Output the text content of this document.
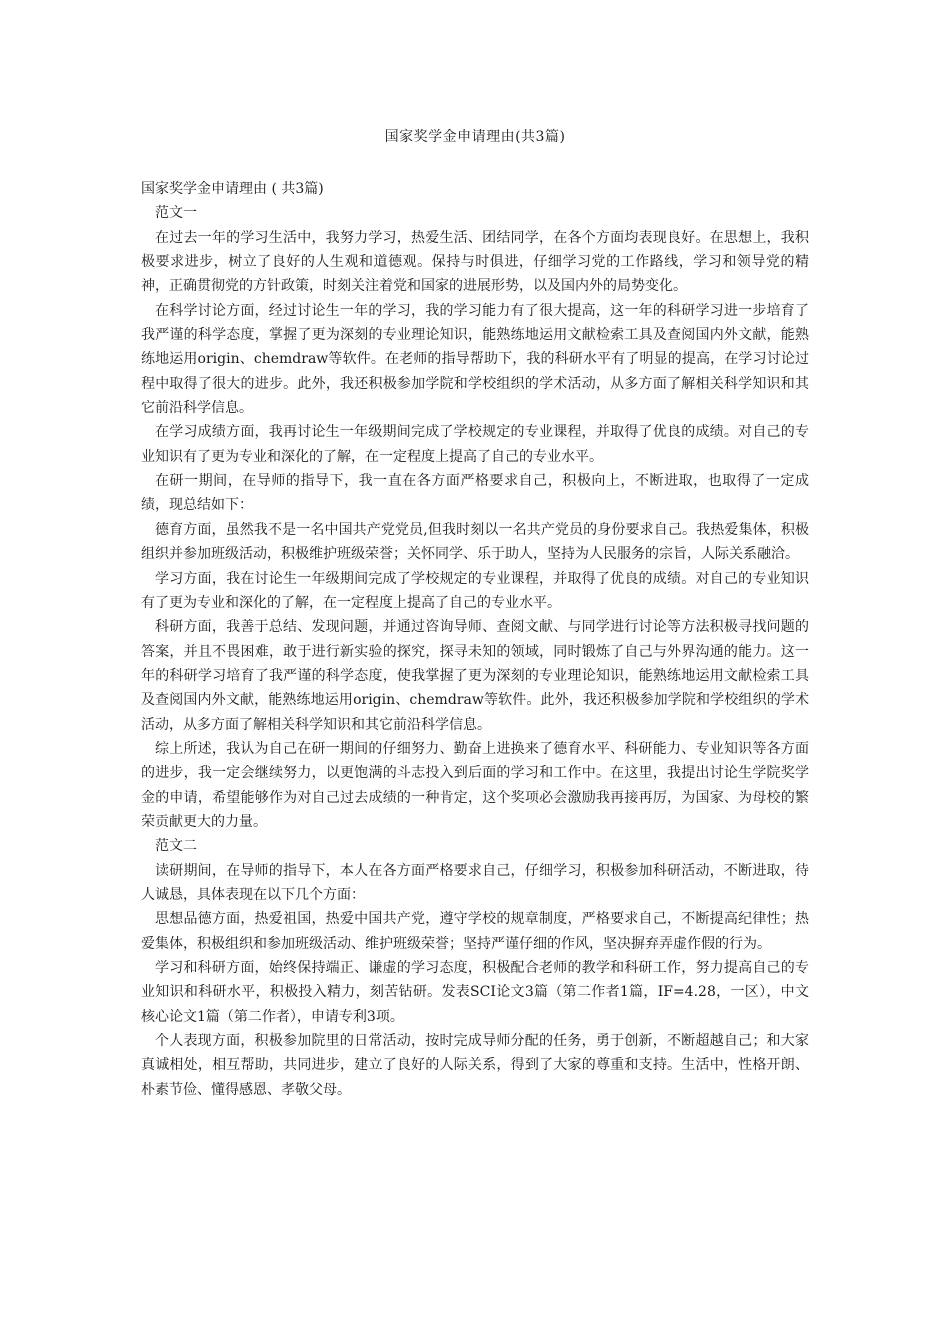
国家奖学金申请理由(共3篇)

国家奖学金申请理由 ( 共3篇)

范文一

在过去一年的学习生活中，我努力学习，热爱生活、团结同学，在各个方面均表现良好。在思想上，我积极要求进步，树立了良好的人生观和道德观。保持与时俱进，仔细学习党的工作路线，学习和领导党的精神，正确贯彻党的方针政策，时刻关注着党和国家的进展形势，以及国内外的局势变化。

在科学讨论方面，经过讨论生一年的学习，我的学习能力有了很大提高，这一年的科研学习进一步培育了我严谨的科学态度，掌握了更为深刻的专业理论知识，能熟练地运用文献检索工具及查阅国内外文献，能熟练地运用origin、chemdraw等软件。在老师的指导帮助下，我的科研水平有了明显的提高，在学习讨论过程中取得了很大的进步。此外，我还积极参加学院和学校组织的学术活动，从多方面了解相关科学知识和其它前沿科学信息。

在学习成绩方面，我再讨论生一年级期间完成了学校规定的专业课程，并取得了优良的成绩。对自己的专业知识有了更为专业和深化的了解，在一定程度上提高了自己的专业水平。

在研一期间，在导师的指导下，我一直在各方面严格要求自己，积极向上，不断进取，也取得了一定成绩，现总结如下：

德育方面，虽然我不是一名中国共产党党员,但我时刻以一名共产党员的身份要求自己。我热爱集体，积极组织并参加班级活动，积极维护班级荣誉；关怀同学、乐于助人，坚持为人民服务的宗旨，人际关系融洽。

学习方面，我在讨论生一年级期间完成了学校规定的专业课程，并取得了优良的成绩。对自己的专业知识有了更为专业和深化的了解，在一定程度上提高了自己的专业水平。

科研方面，我善于总结、发现问题，并通过咨询导师、查阅文献、与同学进行讨论等方法积极寻找问题的答案，并且不畏困难，敢于进行新实验的探究，探寻未知的领域，同时锻炼了自己与外界沟通的能力。这一年的科研学习培育了我严谨的科学态度，使我掌握了更为深刻的专业理论知识，能熟练地运用文献检索工具及查阅国内外文献，能熟练地运用origin、chemdraw等软件。此外，我还积极参加学院和学校组织的学术活动，从多方面了解相关科学知识和其它前沿科学信息。

综上所述，我认为自己在研一期间的仔细努力、勤奋上进换来了德育水平、科研能力、专业知识等各方面的进步，我一定会继续努力，以更饱满的斗志投入到后面的学习和工作中。在这里，我提出讨论生学院奖学金的申请，希望能够作为对自己过去成绩的一种肯定，这个奖项必会激励我再接再厉，为国家、为母校的繁荣贡献更大的力量。

范文二

读研期间，在导师的指导下，本人在各方面严格要求自己，仔细学习，积极参加科研活动，不断进取，待人诚恳，具体表现在以下几个方面：

思想品德方面，热爱祖国，热爱中国共产党，遵守学校的规章制度，严格要求自己，不断提高纪律性；热爱集体，积极组织和参加班级活动、维护班级荣誉；坚持严谨仔细的作风，坚决摒弃弄虚作假的行为。

学习和科研方面，始终保持端正、谦虚的学习态度，积极配合老师的教学和科研工作，努力提高自己的专业知识和科研水平，积极投入精力，刻苦钻研。发表SCI论文3篇（第二作者1篇，IF=4.28，一区），中文核心论文1篇（第二作者），申请专利3项。

个人表现方面，积极参加院里的日常活动，按时完成导师分配的任务，勇于创新，不断超越自己；和大家真诚相处，相互帮助，共同进步，建立了良好的人际关系，得到了大家的尊重和支持。生活中，性格开朗、朴素节俭、懂得感恩、孝敬父母。
